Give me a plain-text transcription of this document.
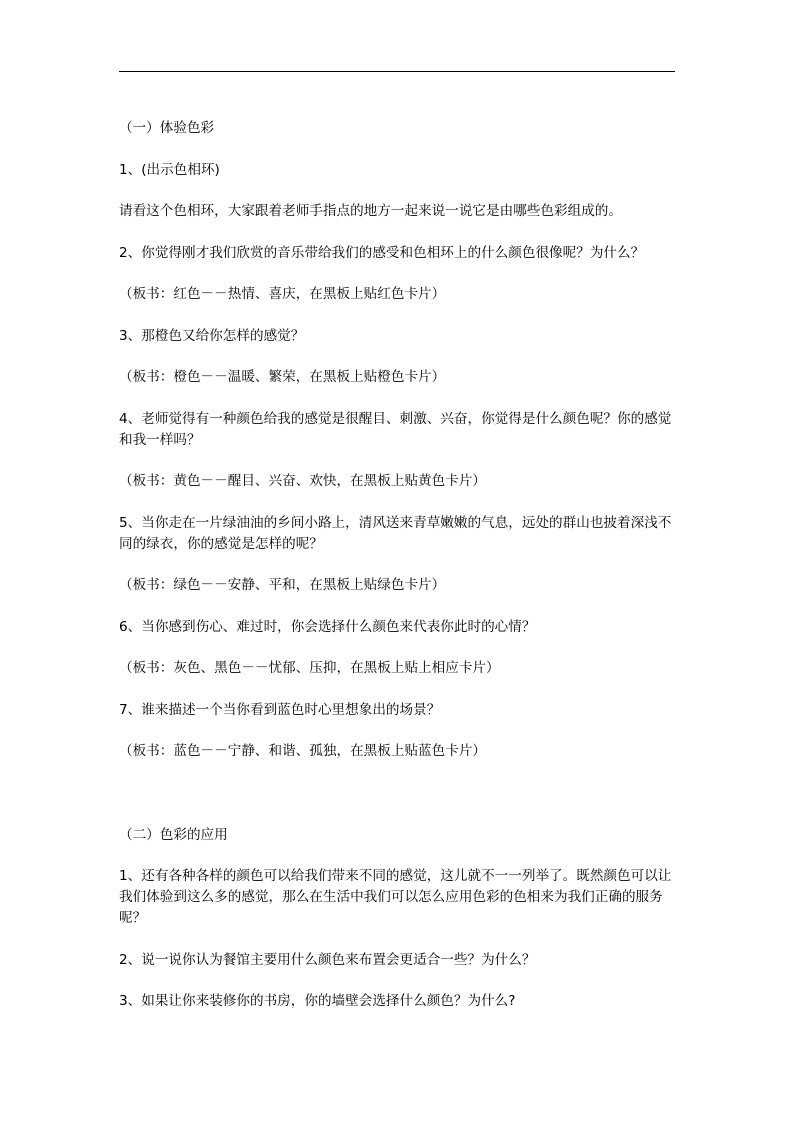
（一）体验色彩

1、(出示色相环)

请看这个色相环，大家跟着老师手指点的地方一起来说一说它是由哪些色彩组成的。

2、你觉得刚才我们欣赏的音乐带给我们的感受和色相环上的什么颜色很像呢？为什么？

（板书：红色－－热情、喜庆，在黑板上贴红色卡片）

3、那橙色又给你怎样的感觉？

（板书：橙色－－温暖、繁荣，在黑板上贴橙色卡片）

4、老师觉得有一种颜色给我的感觉是很醒目、刺激、兴奋，你觉得是什么颜色呢？你的感觉和我一样吗？

（板书：黄色－－醒目、兴奋、欢快，在黑板上贴黄色卡片）

5、当你走在一片绿油油的乡间小路上，清风送来青草嫩嫩的气息，远处的群山也披着深浅不同的绿衣，你的感觉是怎样的呢？

（板书：绿色－－安静、平和，在黑板上贴绿色卡片）

6、当你感到伤心、难过时，你会选择什么颜色来代表你此时的心情？

（板书：灰色、黑色－－忧郁、压抑，在黑板上贴上相应卡片）

7、谁来描述一个当你看到蓝色时心里想象出的场景？

（板书：蓝色－－宁静、和谐、孤独，在黑板上贴蓝色卡片）

（二）色彩的应用

1、还有各种各样的颜色可以给我们带来不同的感觉，这儿就不一一列举了。既然颜色可以让我们体验到这么多的感觉，那么在生活中我们可以怎么应用色彩的色相来为我们正确的服务呢？

2、说一说你认为餐馆主要用什么颜色来布置会更适合一些？为什么？

3、如果让你来装修你的书房，你的墙壁会选择什么颜色？为什么?
